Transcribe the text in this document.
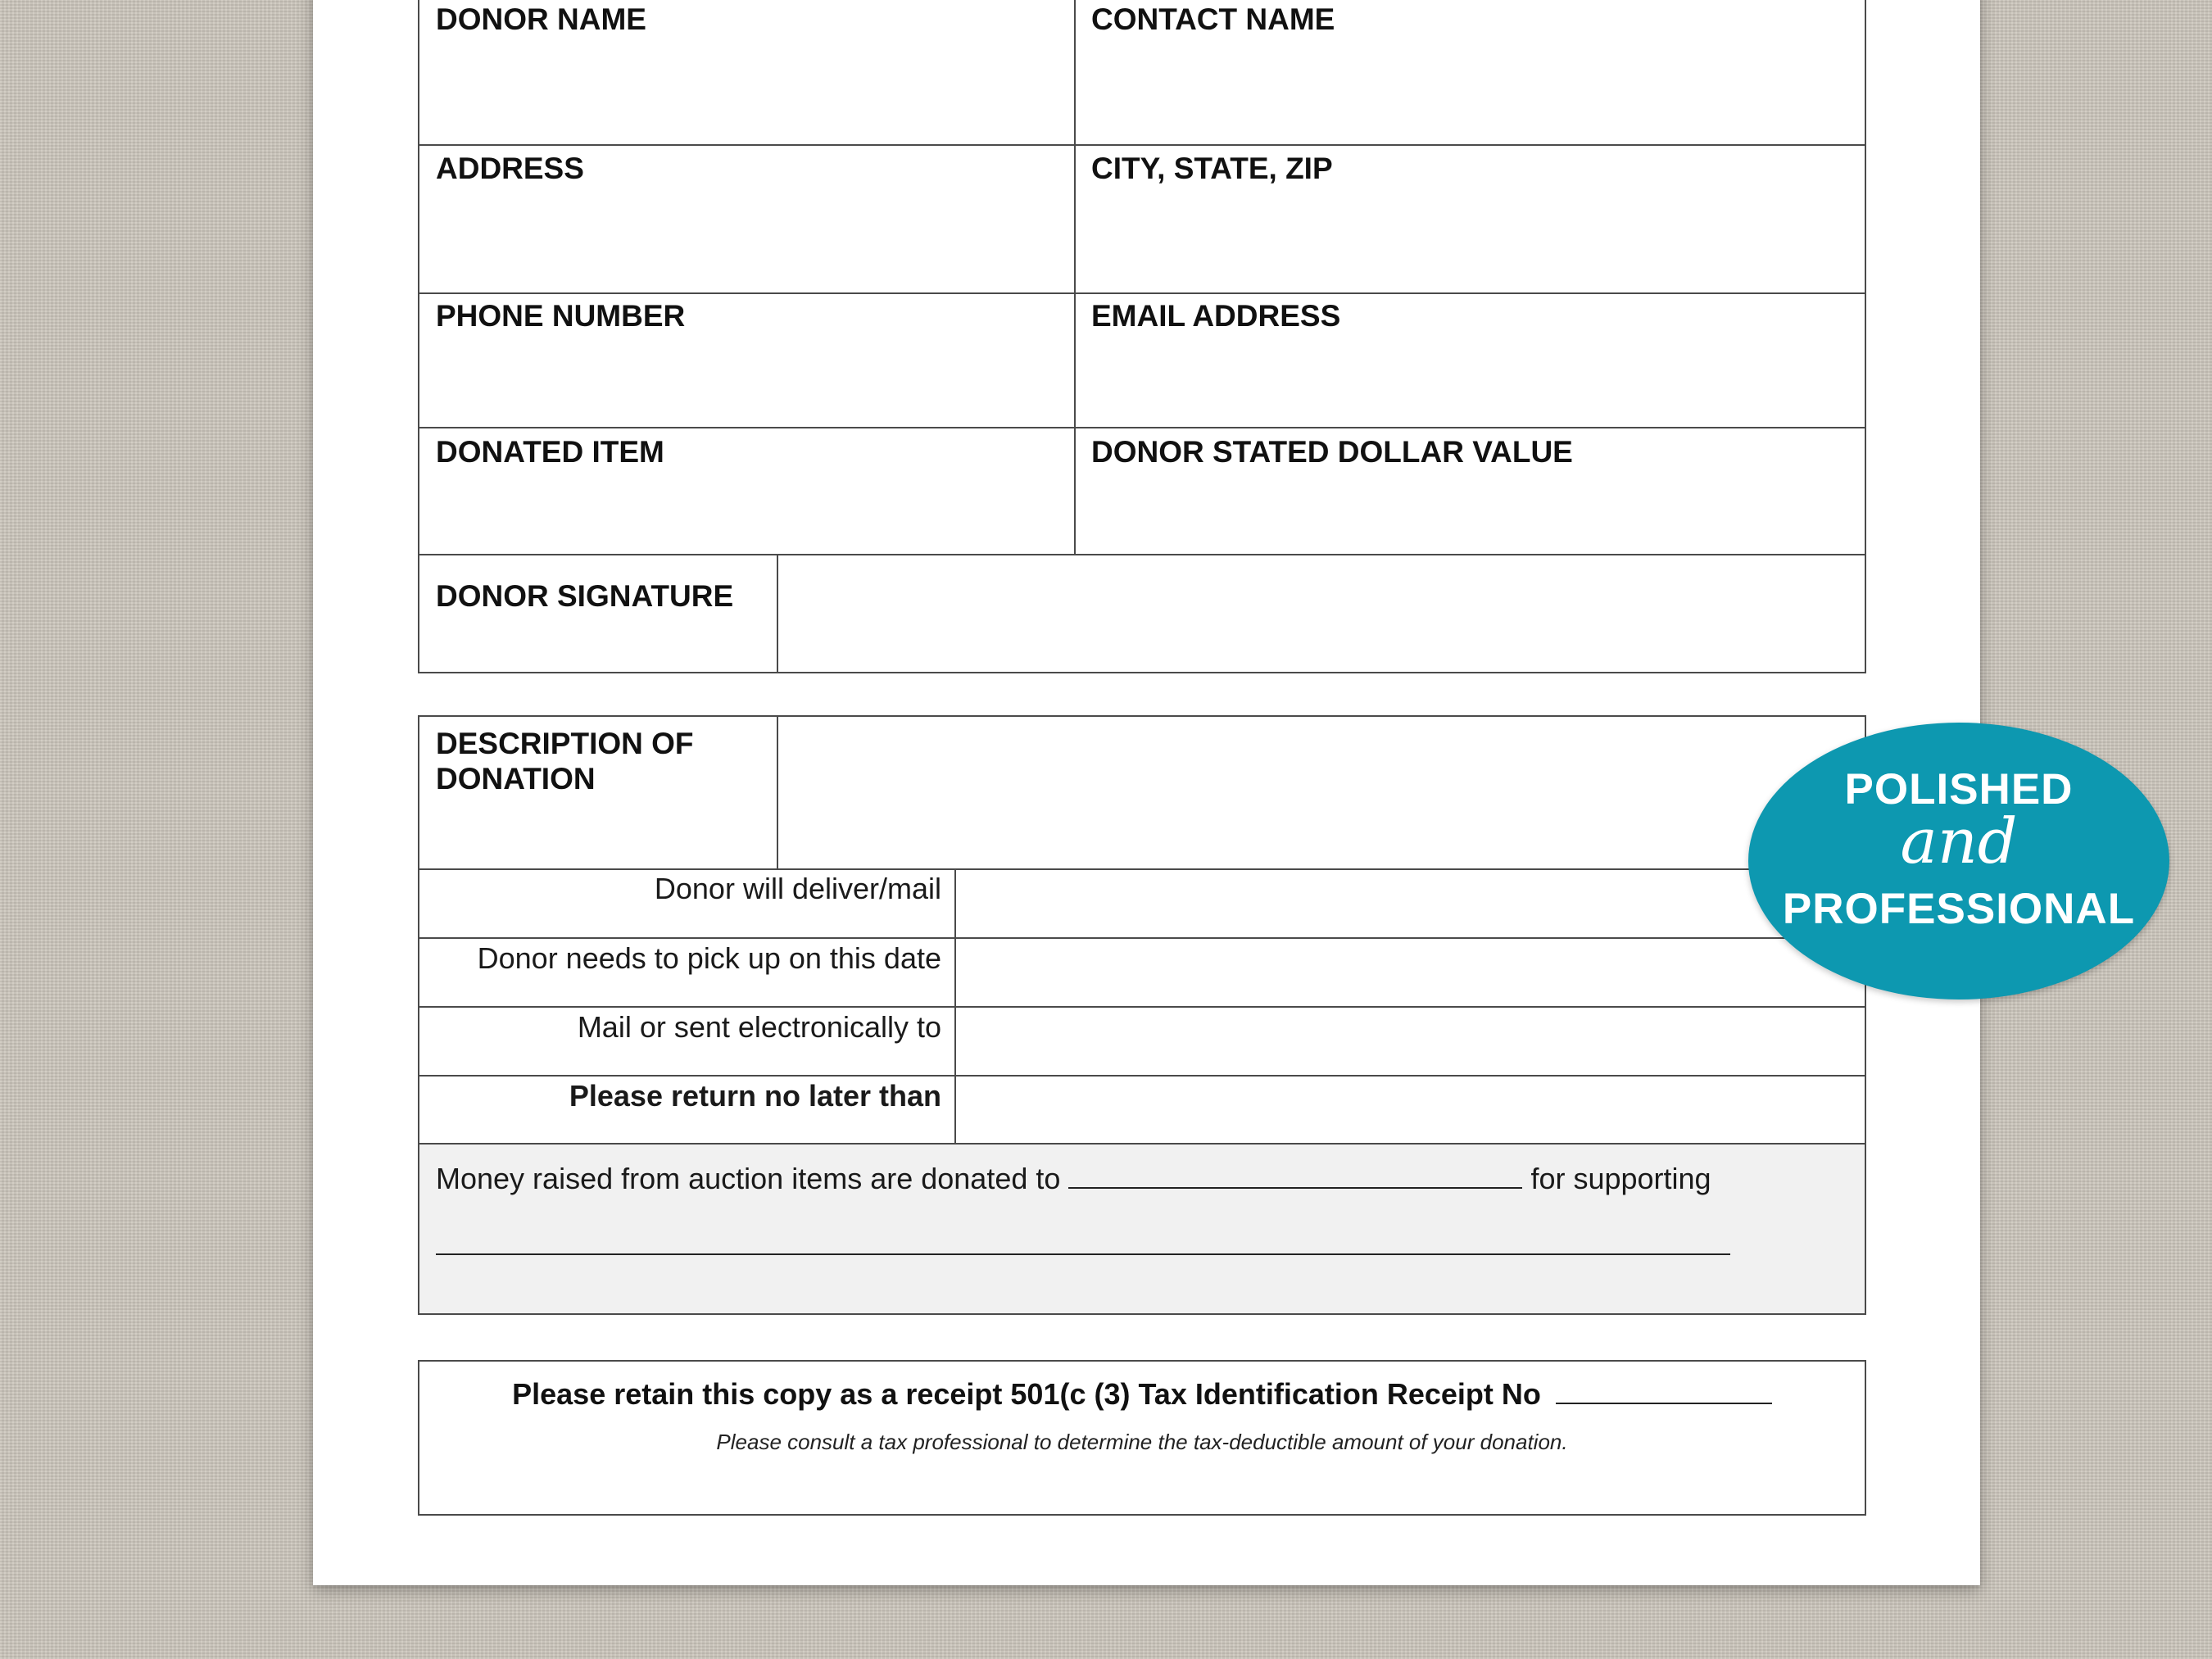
DONOR NAME	CONTACT NAME
ADDRESS	CITY, STATE, ZIP
PHONE NUMBER	EMAIL ADDRESS
DONATED ITEM	DONOR STATED DOLLAR VALUE
DONOR SIGNATURE
DESCRIPTION OF
DONATION
Donor will deliver/mail
Donor needs to pick up on this date
Mail or sent electronically to
Please return no later than
Money raised from auction items are donated to	for supporting
Please retain this copy as a receipt 501(c (3) Tax Identification Receipt No
Please consult a tax professional to determine the tax-deductible amount of your donation.
POLISHED
and
PROFESSIONAL
